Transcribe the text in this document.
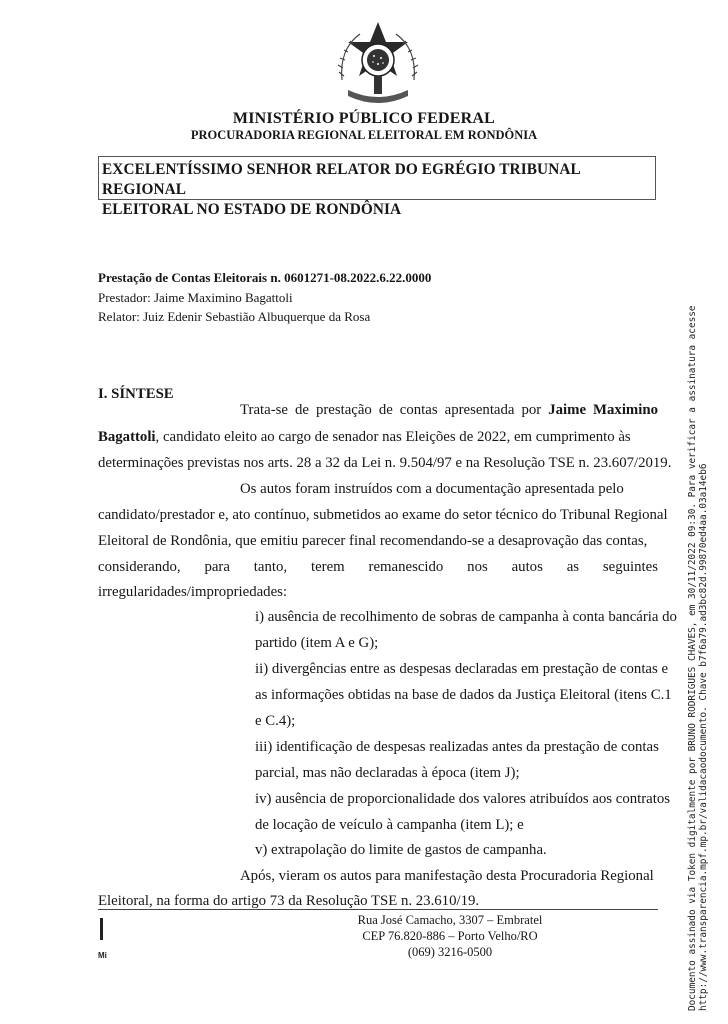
MINISTÉRIO PÚBLICO FEDERAL
PROCURADORIA REGIONAL ELEITORAL EM RONDÔNIA
EXCELENTÍSSIMO SENHOR RELATOR DO EGRÉGIO TRIBUNAL REGIONAL
ELEITORAL NO ESTADO DE RONDÔNIA
Prestação de Contas Eleitorais n. 0601271-08.2022.6.22.0000
Prestador: Jaime Maximino Bagattoli
Relator: Juiz Edenir Sebastião Albuquerque da Rosa
I. SÍNTESE
Trata-se de prestação de contas apresentada por Jaime Maximino
Bagattoli, candidato eleito ao cargo de senador nas Eleições de 2022, em cumprimento às
determinações previstas nos arts. 28 a 32 da Lei n. 9.504/97 e na Resolução TSE n. 23.607/2019.
Os autos foram instruídos com a documentação apresentada pelo
candidato/prestador e, ato contínuo, submetidos ao exame do setor técnico do Tribunal Regional
Eleitoral de Rondônia, que emitiu parecer final recomendando-se a desaprovação das contas,
considerando, para tanto, terem remanescido nos autos as seguintes
irregularidades/impropriedades:
i) ausência de recolhimento de sobras de campanha à conta bancária do
partido (item A e G);
ii) divergências entre as despesas declaradas em prestação de contas e
as informações obtidas na base de dados da Justiça Eleitoral (itens C.1
e C.4);
iii) identificação de despesas realizadas antes da prestação de contas
parcial, mas não declaradas à época (item J);
iv) ausência de proporcionalidade dos valores atribuídos aos contratos
de locação de veículo à campanha (item L); e
v) extrapolação do limite de gastos de campanha.
Após, vieram os autos para manifestação desta Procuradoria Regional
Eleitoral, na forma do artigo 73 da Resolução TSE n. 23.610/19.
Mi
Rua José Camacho, 3307 – Embratel
CEP 76.820-886 – Porto Velho/RO
(069) 3216-0500	Documento assinado via Token digitalmente por BRUNO RODRIGUES CHAVES, em 30/11/2022 09:30. Para verificar a assinatura acesse http://www.transparencia.mpf.mp.br/validacaodocumento. Chave b7f6a79.ad3bc82d.99870ed4aa.03a14eb6
